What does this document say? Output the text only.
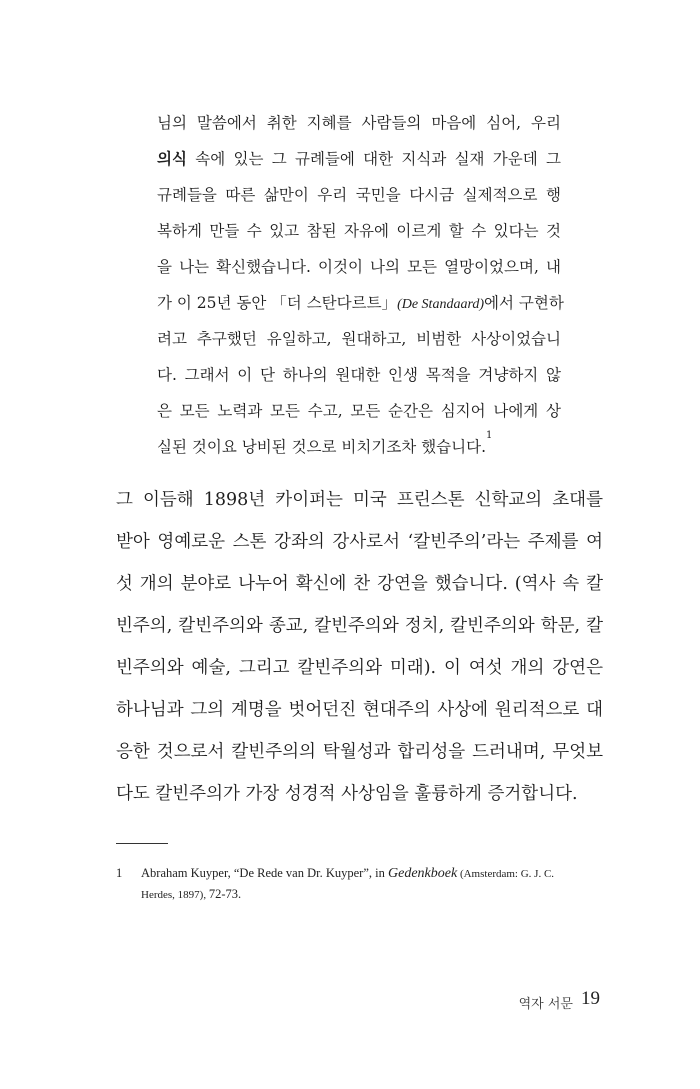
님의 말씀에서 취한 지혜를 사람들의 마음에 심어, 우리
의식 속에 있는 그 규례들에 대한 지식과 실재 가운데 그
규례들을 따른 삶만이 우리 국민을 다시금 실제적으로 행
복하게 만들 수 있고 참된 자유에 이르게 할 수 있다는 것
을 나는 확신했습니다. 이것이 나의 모든 열망이었으며, 내
가 이 25년 동안 「더 스탄다르트」(De Standaard)에서 구현하
려고 추구했던 유일하고, 원대하고, 비범한 사상이었습니
다. 그래서 이 단 하나의 원대한 인생 목적을 겨냥하지 않
은 모든 노력과 모든 수고, 모든 순간은 심지어 나에게 상
실된 것이요 낭비된 것으로 비치기조차 했습니다.$^1$
그 이듬해 1898년 카이퍼는 미국 프린스톤 신학교의 초대를
받아 영예로운 스톤 강좌의 강사로서 ‘칼빈주의’라는 주제를 여
섯 개의 분야로 나누어 확신에 찬 강연을 했습니다. (역사 속 칼
빈주의, 칼빈주의와 종교, 칼빈주의와 정치, 칼빈주의와 학문, 칼
빈주의와 예술, 그리고 칼빈주의와 미래). 이 여섯 개의 강연은
하나님과 그의 계명을 벗어던진 현대주의 사상에 원리적으로 대
응한 것으로서 칼빈주의의 탁월성과 합리성을 드러내며, 무엇보
다도 칼빈주의가 가장 성경적 사상임을 훌륭하게 증거합니다.
1 Abraham Kuyper, “De Rede van Dr. Kuyper”, in Gedenkboek (Amsterdam: G. J. C.
Herdes, 1897), 72-73.
역자 서문 19
